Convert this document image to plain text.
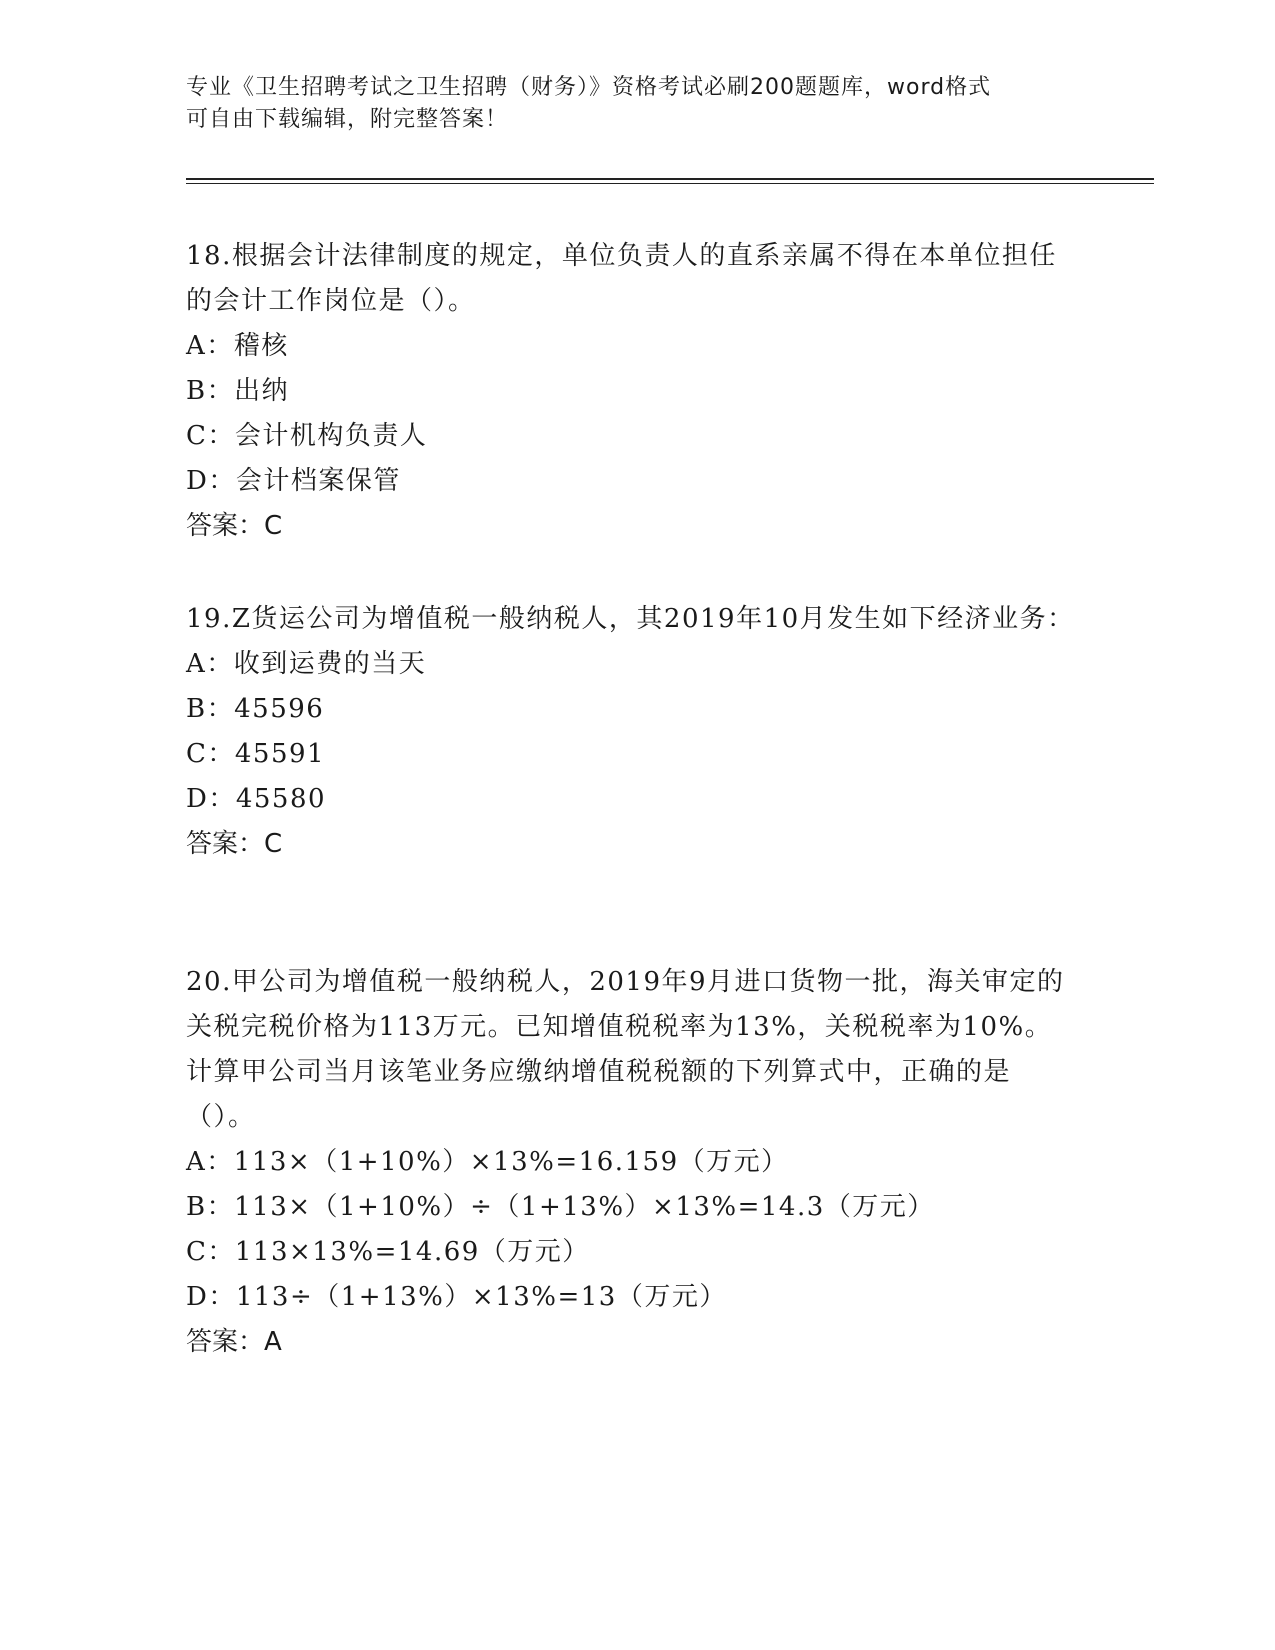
专业《卫生招聘考试之卫生招聘（财务）》资格考试必刷200题题库，word格式
可自由下载编辑，附完整答案！

18.根据会计法律制度的规定，单位负责人的直系亲属不得在本单位担任的会计工作岗位是（）。

A：稽核

B：出纳

C：会计机构负责人

D：会计档案保管

答案：C

19.Z货运公司为增值税一般纳税人，其2019年10月发生如下经济业务：

A：收到运费的当天

B：45596

C：45591

D：45580

答案：C

20.甲公司为增值税一般纳税人，2019年9月进口货物一批，海关审定的关税完税价格为113万元。已知增值税税率为13%，关税税率为10%。计算甲公司当月该笔业务应缴纳增值税税额的下列算式中，正确的是（）。

A：113×（1+10%）×13%=16.159（万元）

B：113×（1+10%）÷（1+13%）×13%=14.3（万元）

C：113×13%=14.69（万元）

D：113÷（1+13%）×13%=13（万元）

答案：A
